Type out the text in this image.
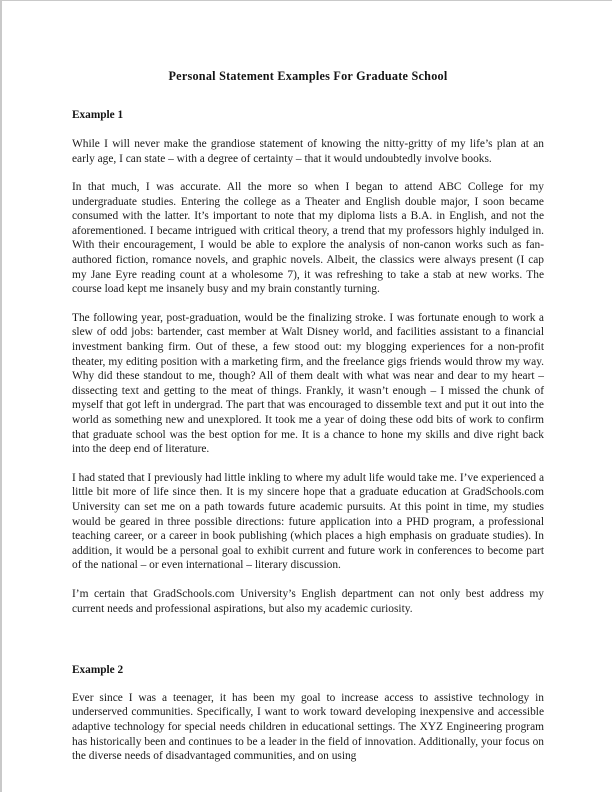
Personal Statement Examples For Graduate School
Example 1

While I will never make the grandiose statement of knowing the nitty-gritty of my life’s plan at an early age, I can state – with a degree of certainty – that it would undoubtedly involve books.

In that much, I was accurate. All the more so when I began to attend ABC College for my undergraduate studies. Entering the college as a Theater and English double major, I soon became consumed with the latter. It’s important to note that my diploma lists a B.A. in English, and not the aforementioned. I became intrigued with critical theory, a trend that my professors highly indulged in. With their encouragement, I would be able to explore the analysis of non-canon works such as fan-authored fiction, romance novels, and graphic novels. Albeit, the classics were always present (I cap my Jane Eyre reading count at a wholesome 7), it was refreshing to take a stab at new works. The course load kept me insanely busy and my brain constantly turning.

The following year, post-graduation, would be the finalizing stroke. I was fortunate enough to work a slew of odd jobs: bartender, cast member at Walt Disney world, and facilities assistant to a financial investment banking firm. Out of these, a few stood out: my blogging experiences for a non-profit theater, my editing position with a marketing firm, and the freelance gigs friends would throw my way. Why did these standout to me, though? All of them dealt with what was near and dear to my heart – dissecting text and getting to the meat of things. Frankly, it wasn’t enough – I missed the chunk of myself that got left in undergrad. The part that was encouraged to dissemble text and put it out into the world as something new and unexplored. It took me a year of doing these odd bits of work to confirm that graduate school was the best option for me. It is a chance to hone my skills and dive right back into the deep end of literature.

I had stated that I previously had little inkling to where my adult life would take me. I’ve experienced a little bit more of life since then. It is my sincere hope that a graduate education at GradSchools.com University can set me on a path towards future academic pursuits. At this point in time, my studies would be geared in three possible directions: future application into a PHD program, a professional teaching career, or a career in book publishing (which places a high emphasis on graduate studies). In addition, it would be a personal goal to exhibit current and future work in conferences to become part of the national – or even international – literary discussion.

I’m certain that GradSchools.com University’s English department can not only best address my current needs and professional aspirations, but also my academic curiosity.

Example 2

Ever since I was a teenager, it has been my goal to increase access to assistive technology in underserved communities. Specifically, I want to work toward developing inexpensive and accessible adaptive technology for special needs children in educational settings. The XYZ Engineering program has historically been and continues to be a leader in the field of innovation. Additionally, your focus on the diverse needs of disadvantaged communities, and on using
